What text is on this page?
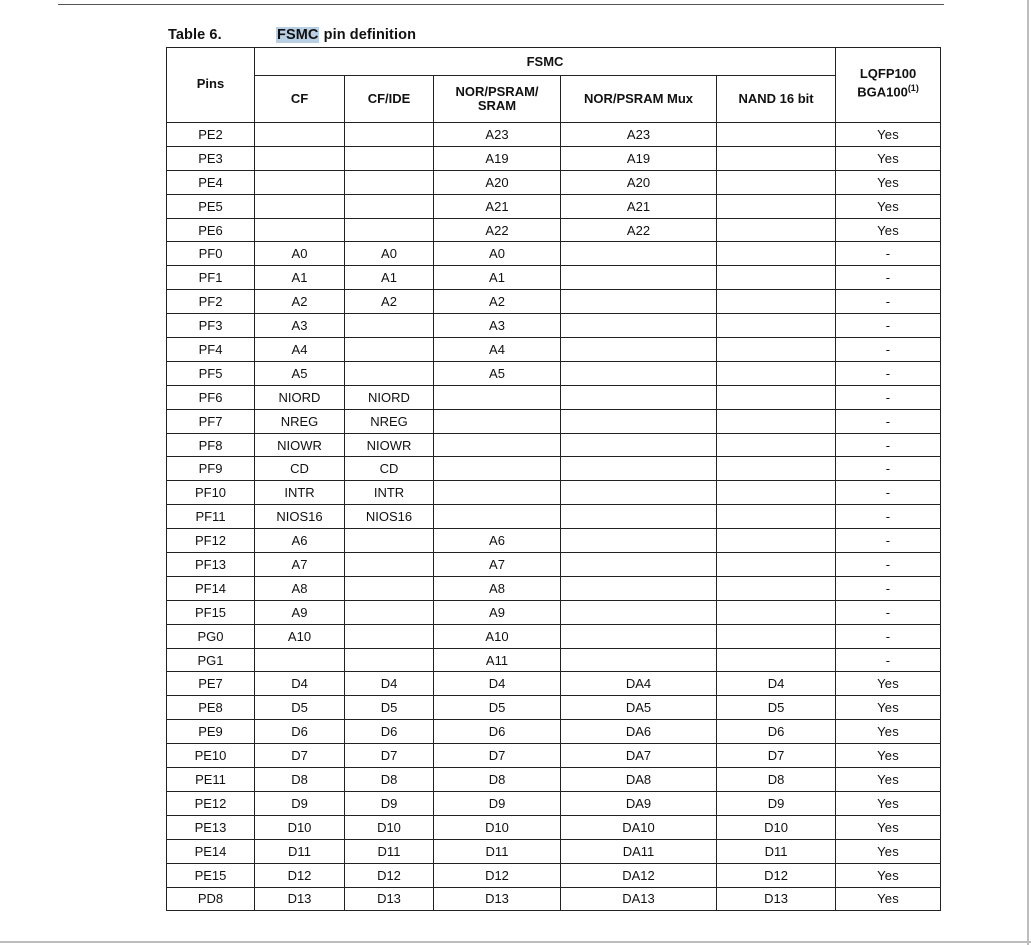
Table 6.	FSMC pin definition
Pins	FSMC					LQFP100
BGA100$^{(1)}$
	CF	CF/IDE	NOR/PSRAM/ SRAM	NOR/PSRAM Mux	NAND 16 bit	
PE2			A23	A23		Yes
PE3			A19	A19		Yes
PE4			A20	A20		Yes
PE5			A21	A21		Yes
PE6			A22	A22		Yes
PF0	A0	A0	A0			-
PF1	A1	A1	A1			-
PF2	A2	A2	A2			-
PF3	A3		A3			-
PF4	A4		A4			-
PF5	A5		A5			-
PF6	NIORD	NIORD				-
PF7	NREG	NREG				-
PF8	NIOWR	NIOWR				-
PF9	CD	CD				-
PF10	INTR	INTR				-
PF11	NIOS16	NIOS16				-
PF12	A6		A6			-
PF13	A7		A7			-
PF14	A8		A8			-
PF15	A9		A9			-
PG0	A10		A10			-
PG1			A11			-
PE7	D4	D4	D4	DA4	D4	Yes
PE8	D5	D5	D5	DA5	D5	Yes
PE9	D6	D6	D6	DA6	D6	Yes
PE10	D7	D7	D7	DA7	D7	Yes
PE11	D8	D8	D8	DA8	D8	Yes
PE12	D9	D9	D9	DA9	D9	Yes
PE13	D10	D10	D10	DA10	D10	Yes
PE14	D11	D11	D11	DA11	D11	Yes
PE15	D12	D12	D12	DA12	D12	Yes
PD8	D13	D13	D13	DA13	D13	Yes
